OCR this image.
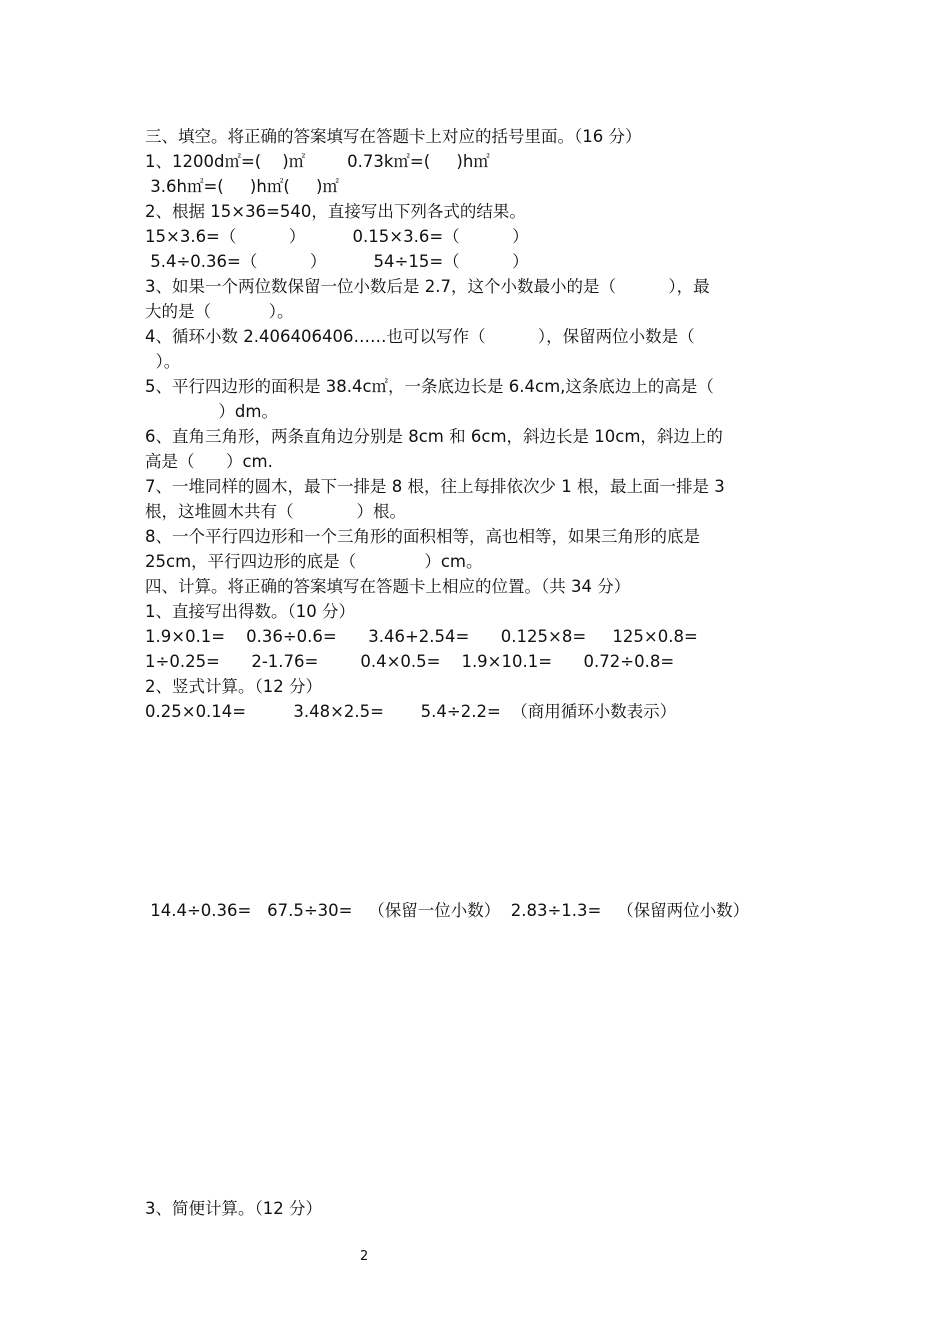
三、填空。将正确的答案填写在答题卡上对应的括号里面。（16 分）
1、1200d㎡=(    )㎡        0.73k㎡=(     )h㎡
3.6h㎡=(     )h㎡(     )㎡
2、根据 15×36=540，直接写出下列各式的结果。
15×3.6=（          ）         0.15×3.6=（          ）
5.4÷0.36=（          ）         54÷15=（          ）
3、如果一个两位数保留一位小数后是 2.7，这个小数最小的是（          ），最
大的是（           ）。
4、循环小数 2.406406406……也可以写作（          ），保留两位小数是（
）。
5、平行四边形的面积是 38.4c㎡，一条底边长是 6.4cm,这条底边上的高是（
）dm。
6、直角三角形，两条直角边分别是 8cm 和 6cm，斜边长是 10cm，斜边上的
高是（      ）cm.
7、一堆同样的圆木，最下一排是 8 根，往上每排依次少 1 根，最上面一排是 3
根，这堆圆木共有（            ）根。
8、一个平行四边形和一个三角形的面积相等，高也相等，如果三角形的底是
25cm，平行四边形的底是（             ）cm。
四、计算。将正确的答案填写在答题卡上相应的位置。（共 34 分）
1、直接写出得数。（10 分）
1.9×0.1=    0.36÷0.6=      3.46+2.54=      0.125×8=     125×0.8=
1÷0.25=      2-1.76=        0.4×0.5=    1.9×10.1=      0.72÷0.8=
2、竖式计算。（12 分）
0.25×0.14=         3.48×2.5=       5.4÷2.2=  （商用循环小数表示）
14.4÷0.36=   67.5÷30=   （保留一位小数）  2.83÷1.3=   （保留两位小数）
3、简便计算。（12 分）
2
